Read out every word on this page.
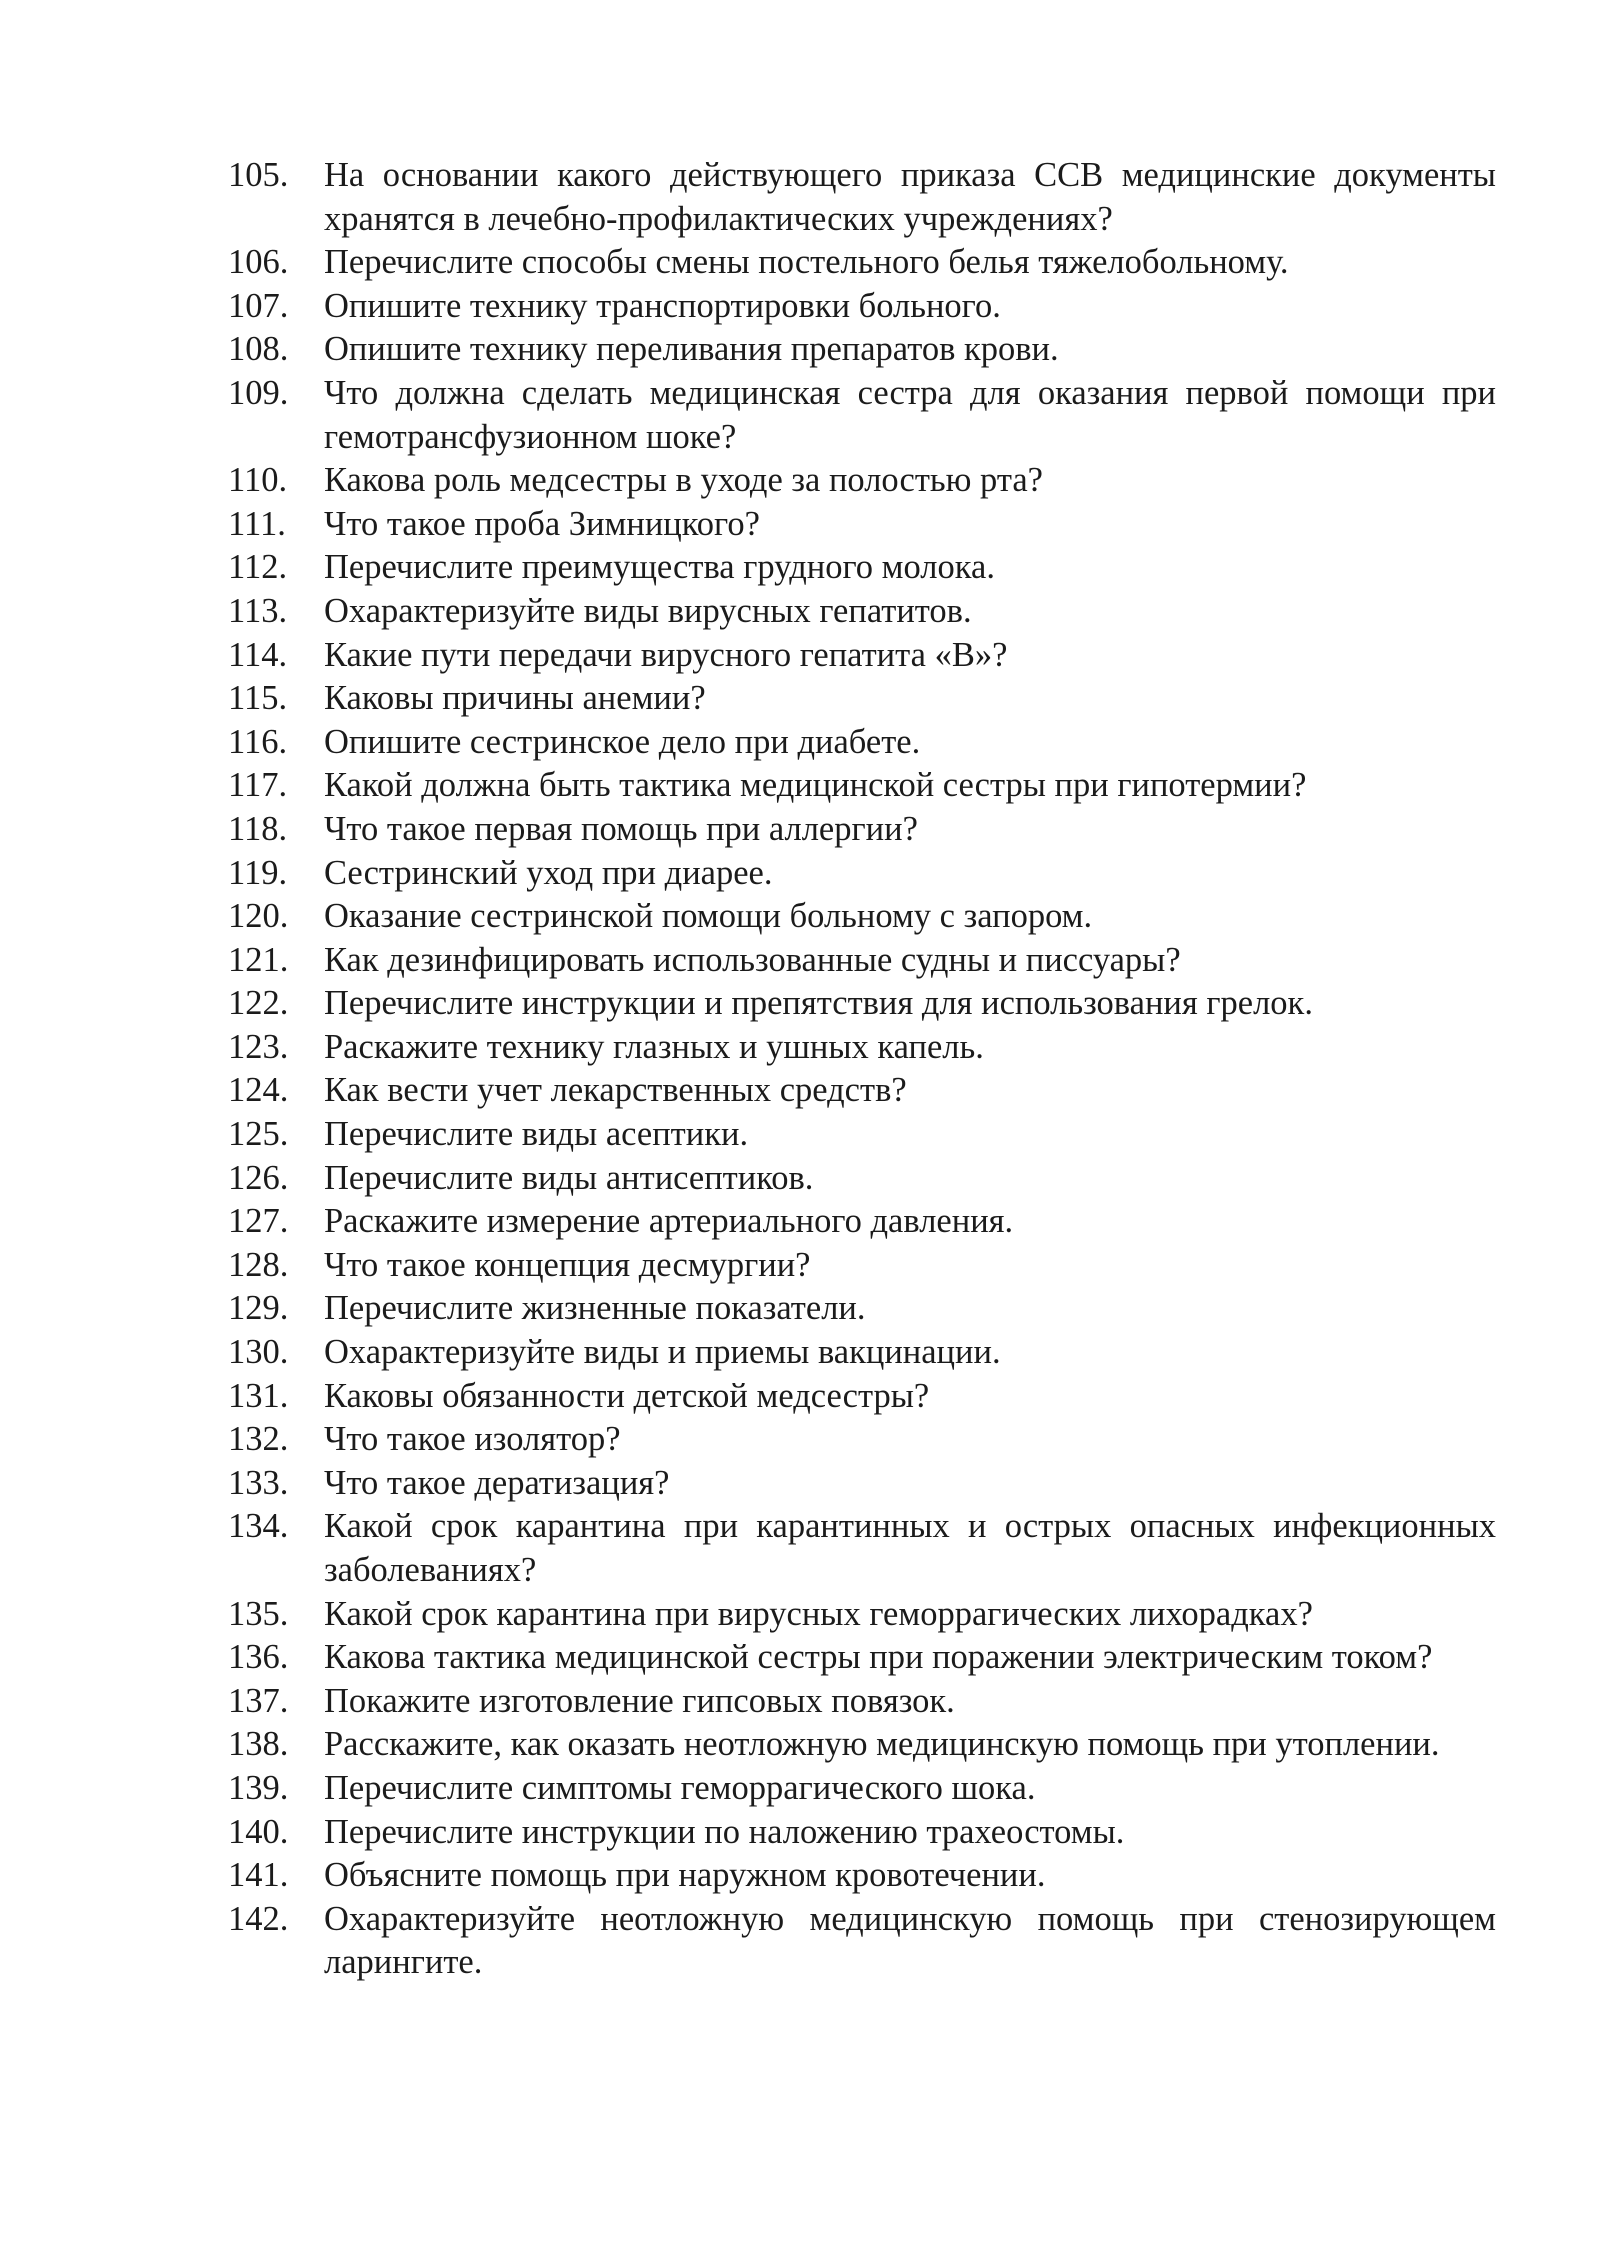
105.	На основании какого действующего приказа ССВ медицинские документы хранятся в лечебно-профилактических учреждениях?
106.	Перечислите способы смены постельного белья тяжелобольному.
107.	Опишите технику транспортировки больного.
108.	Опишите технику переливания препаратов крови.
109.	Что должна сделать медицинская сестра для оказания первой помощи при гемотрансфузионном шоке?
110.	Какова роль медсестры в уходе за полостью рта?
111.	Что такое проба Зимницкого?
112.	Перечислите преимущества грудного молока.
113.	Охарактеризуйте виды вирусных гепатитов.
114.	Какие пути передачи вирусного гепатита «В»?
115.	Каковы причины анемии?
116.	Опишите сестринское дело при диабете.
117.	Какой должна быть тактика медицинской сестры при гипотермии?
118.	Что такое первая помощь при аллергии?
119.	Сестринский уход при диарее.
120.	Оказание сестринской помощи больному с запором.
121.	Как дезинфицировать использованные судны и писсуары?
122.	Перечислите инструкции и препятствия для использования грелок.
123.	Раскажите технику глазных и ушных капель.
124.	Как вести учет лекарственных средств?
125.	Перечислите виды асептики.
126.	Перечислите виды антисептиков.
127.	Раскажите измерение артериального давления.
128.	Что такое концепция десмургии?
129.	Перечислите жизненные показатели.
130.	Охарактеризуйте виды и приемы вакцинации.
131.	Каковы обязанности детской медсестры?
132.	Что такое изолятор?
133.	Что такое дератизация?
134.	Какой срок карантина при карантинных и острых опасных инфекционных заболеваниях?
135.	Какой срок карантина при вирусных геморрагических лихорадках?
136.	Какова тактика медицинской сестры при поражении электрическим током?
137.	Покажите изготовление гипсовых повязок.
138.	Расскажите, как оказать неотложную медицинскую помощь при утоплении.
139.	Перечислите симптомы геморрагического шока.
140.	Перечислите инструкции по наложению трахеостомы.
141.	Объясните помощь при наружном кровотечении.
142.	Охарактеризуйте неотложную медицинскую помощь при стенозирующем ларингите.
